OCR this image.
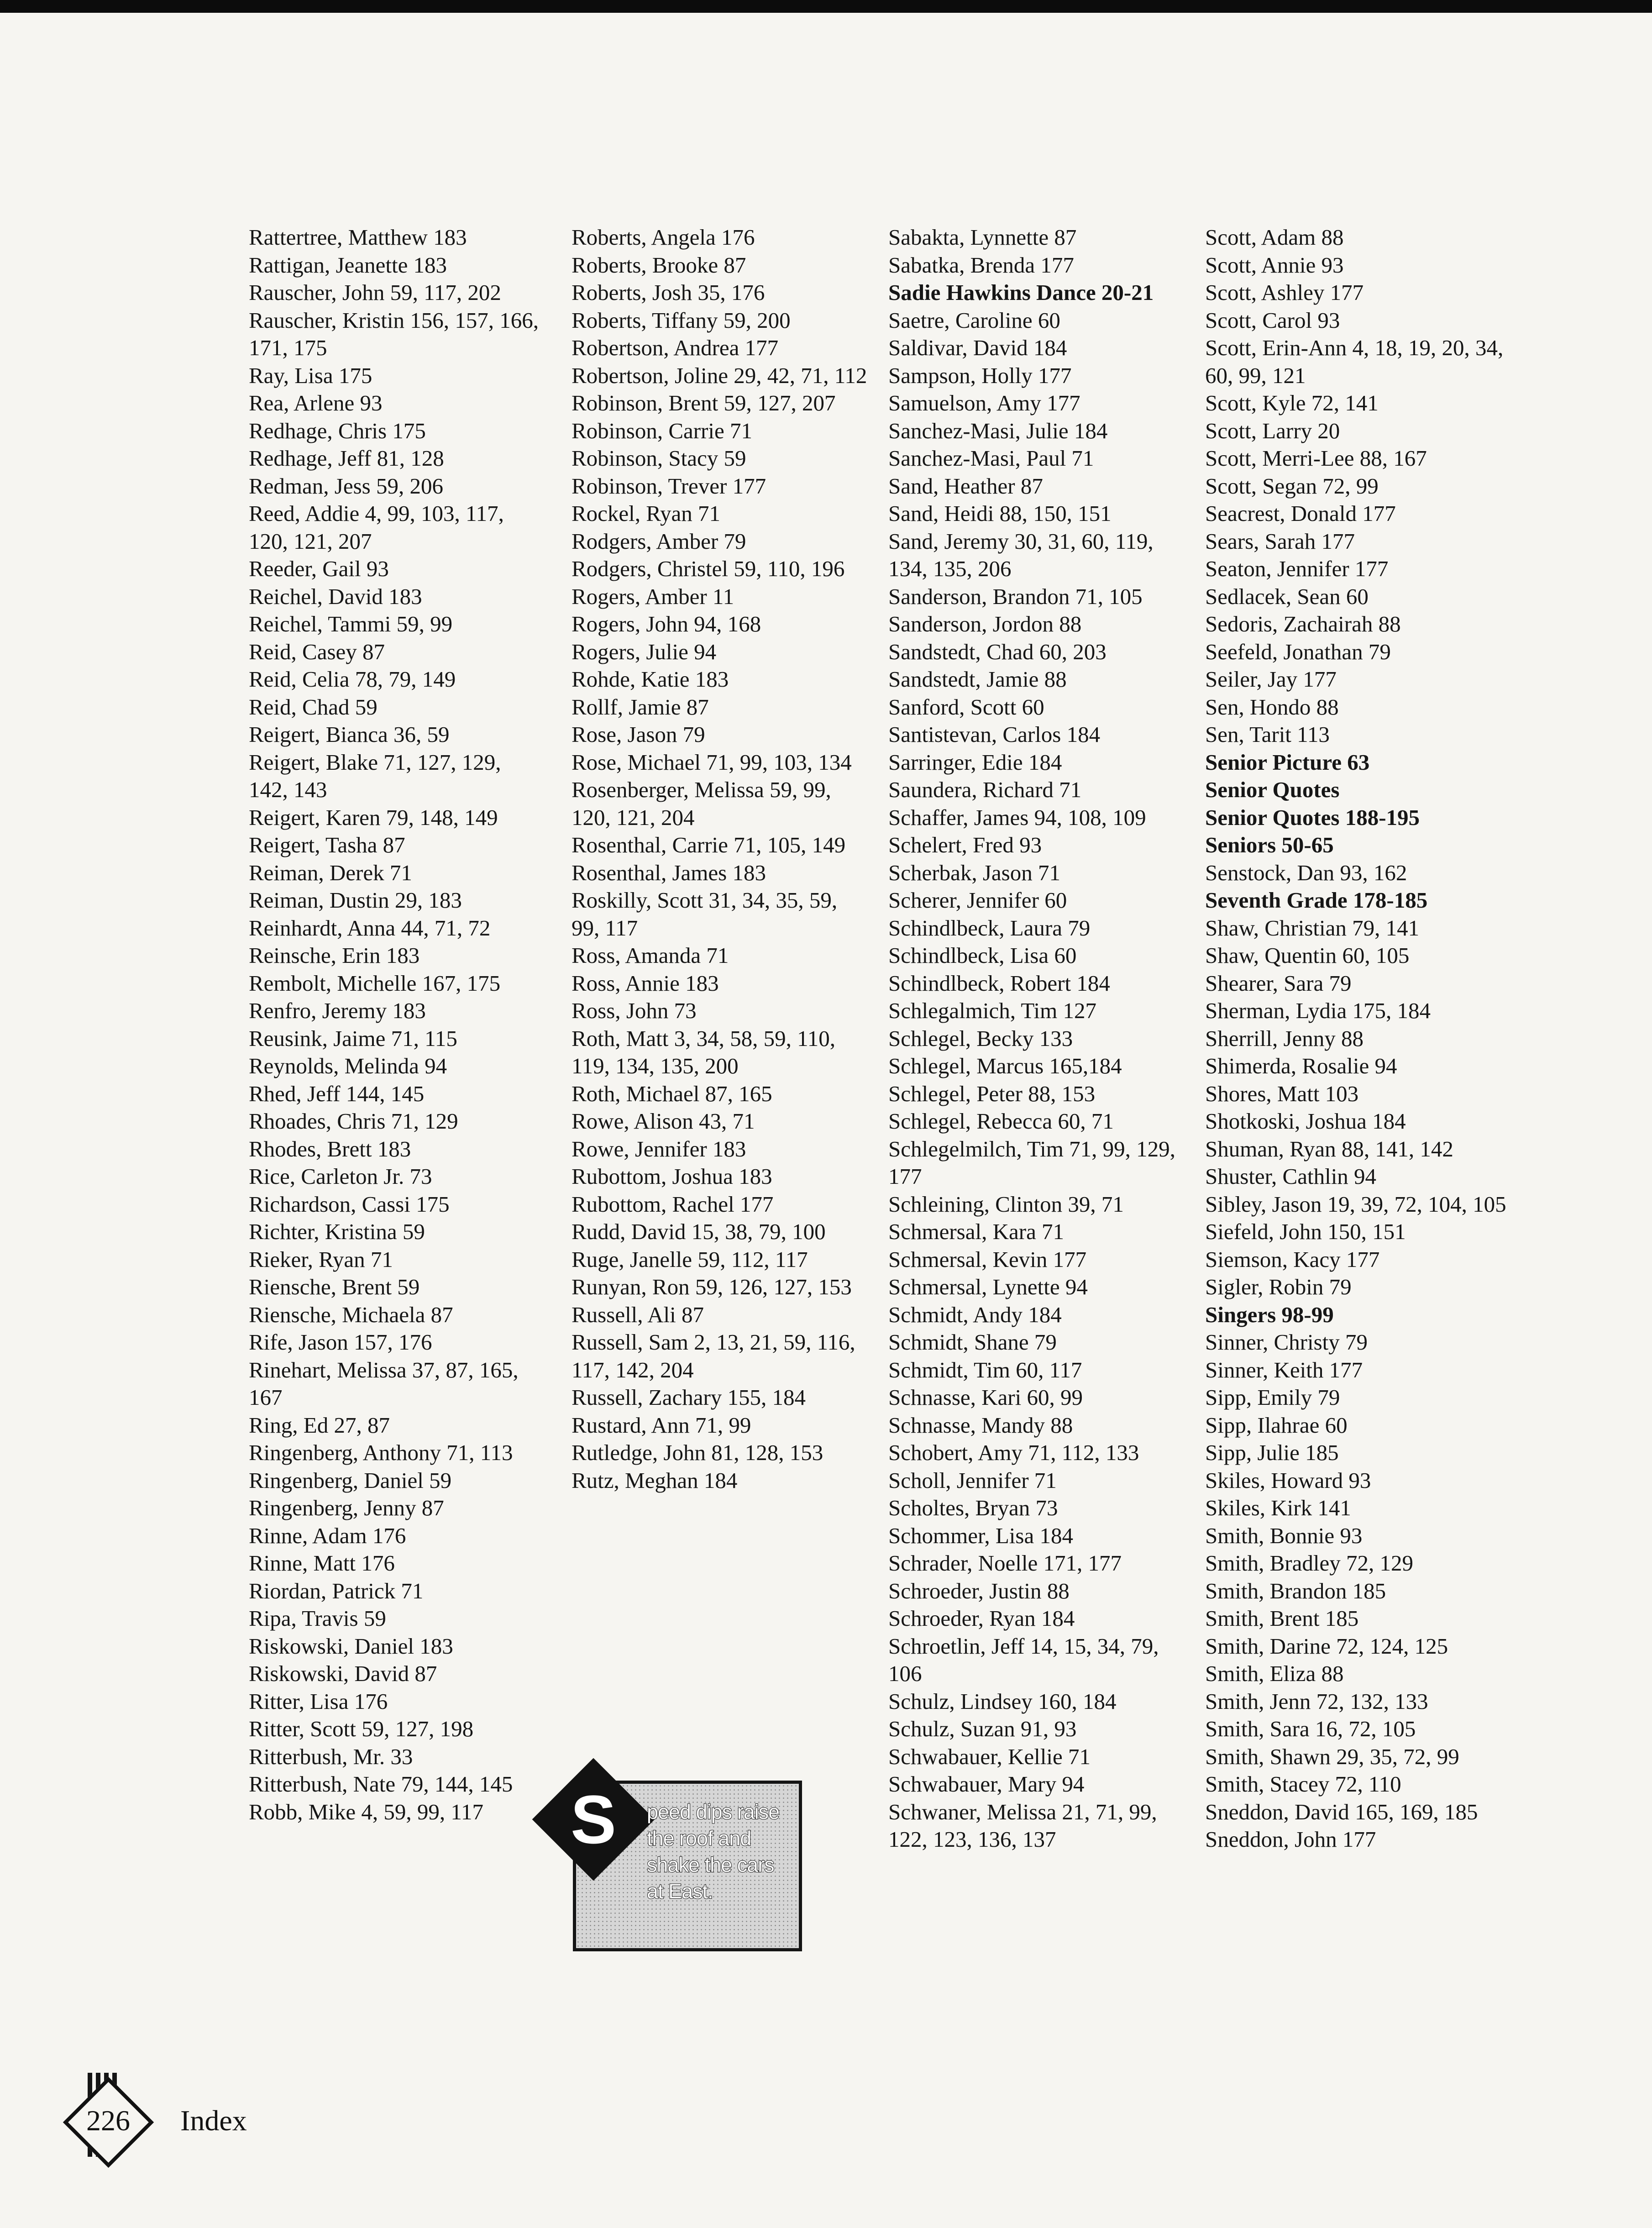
Rattertree, Matthew 183
Rattigan, Jeanette 183
Rauscher, John 59, 117, 202
Rauscher, Kristin 156, 157, 166, 171, 175
Ray, Lisa 175
Rea, Arlene 93
Redhage, Chris 175
Redhage, Jeff 81, 128
Redman, Jess 59, 206
Reed, Addie 4, 99, 103, 117, 120, 121, 207
Reeder, Gail 93
Reichel, David 183
Reichel, Tammi 59, 99
Reid, Casey 87
Reid, Celia 78, 79, 149
Reid, Chad 59
Reigert, Bianca 36, 59
Reigert, Blake 71, 127, 129, 142, 143
Reigert, Karen 79, 148, 149
Reigert, Tasha 87
Reiman, Derek 71
Reiman, Dustin 29, 183
Reinhardt, Anna 44, 71, 72
Reinsche, Erin 183
Rembolt, Michelle 167, 175
Renfro, Jeremy 183
Reusink, Jaime 71, 115
Reynolds, Melinda 94
Rhed, Jeff 144, 145
Rhoades, Chris 71, 129
Rhodes, Brett 183
Rice, Carleton Jr. 73
Richardson, Cassi 175
Richter, Kristina 59
Rieker, Ryan 71
Riensche, Brent 59
Riensche, Michaela 87
Rife, Jason 157, 176
Rinehart, Melissa 37, 87, 165, 167
Ring, Ed 27, 87
Ringenberg, Anthony 71, 113
Ringenberg, Daniel 59
Ringenberg, Jenny 87
Rinne, Adam 176
Rinne, Matt 176
Riordan, Patrick 71
Ripa, Travis 59
Riskowski, Daniel 183
Riskowski, David 87
Ritter, Lisa 176
Ritter, Scott 59, 127, 198
Ritterbush, Mr. 33
Ritterbush, Nate 79, 144, 145
Robb, Mike 4, 59, 99, 117
Roberts, Angela 176
Roberts, Brooke 87
Roberts, Josh 35, 176
Roberts, Tiffany 59, 200
Robertson, Andrea 177
Robertson, Joline 29, 42, 71, 112
Robinson, Brent 59, 127, 207
Robinson, Carrie 71
Robinson, Stacy 59
Robinson, Trever 177
Rockel, Ryan 71
Rodgers, Amber 79
Rodgers, Christel 59, 110, 196
Rogers, Amber 11
Rogers, John 94, 168
Rogers, Julie 94
Rohde, Katie 183
Rollf, Jamie 87
Rose, Jason 79
Rose, Michael 71, 99, 103, 134
Rosenberger, Melissa 59, 99, 120, 121, 204
Rosenthal, Carrie 71, 105, 149
Rosenthal, James 183
Roskilly, Scott 31, 34, 35, 59, 99, 117
Ross, Amanda 71
Ross, Annie 183
Ross, John 73
Roth, Matt 3, 34, 58, 59, 110, 119, 134, 135, 200
Roth, Michael 87, 165
Rowe, Alison 43, 71
Rowe, Jennifer 183
Rubottom, Joshua 183
Rubottom, Rachel 177
Rudd, David 15, 38, 79, 100
Ruge, Janelle 59, 112, 117
Runyan, Ron 59, 126, 127, 153
Russell, Ali 87
Russell, Sam 2, 13, 21, 59, 116, 117, 142, 204
Russell, Zachary 155, 184
Rustard, Ann 71, 99
Rutledge, John 81, 128, 153
Rutz, Meghan 184
Sabakta, Lynnette 87
Sabatka, Brenda 177
Sadie Hawkins Dance 20-21
Saetre, Caroline 60
Saldivar, David 184
Sampson, Holly 177
Samuelson, Amy 177
Sanchez-Masi, Julie 184
Sanchez-Masi, Paul 71
Sand, Heather 87
Sand, Heidi 88, 150, 151
Sand, Jeremy 30, 31, 60, 119, 134, 135, 206
Sanderson, Brandon 71, 105
Sanderson, Jordon 88
Sandstedt, Chad 60, 203
Sandstedt, Jamie 88
Sanford, Scott 60
Santistevan, Carlos 184
Sarringer, Edie 184
Saundera, Richard 71
Schaffer, James 94, 108, 109
Schelert, Fred 93
Scherbak, Jason 71
Scherer, Jennifer 60
Schindlbeck, Laura 79
Schindlbeck, Lisa 60
Schindlbeck, Robert 184
Schlegalmich, Tim 127
Schlegel, Becky 133
Schlegel, Marcus 165,184
Schlegel, Peter 88, 153
Schlegel, Rebecca 60, 71
Schlegelmilch, Tim 71, 99, 129, 177
Schleining, Clinton 39, 71
Schmersal, Kara 71
Schmersal, Kevin 177
Schmersal, Lynette 94
Schmidt, Andy 184
Schmidt, Shane 79
Schmidt, Tim 60, 117
Schnasse, Kari 60, 99
Schnasse, Mandy 88
Schobert, Amy 71, 112, 133
Scholl, Jennifer 71
Scholtes, Bryan 73
Schommer, Lisa 184
Schrader, Noelle 171, 177
Schroeder, Justin 88
Schroeder, Ryan 184
Schroetlin, Jeff 14, 15, 34, 79, 106
Schulz, Lindsey 160, 184
Schulz, Suzan 91, 93
Schwabauer, Kellie 71
Schwabauer, Mary 94
Schwaner, Melissa 21, 71, 99, 122, 123, 136, 137
Scott, Adam 88
Scott, Annie 93
Scott, Ashley 177
Scott, Carol 93
Scott, Erin-Ann 4, 18, 19, 20, 34, 60, 99, 121
Scott, Kyle 72, 141
Scott, Larry 20
Scott, Merri-Lee 88, 167
Scott, Segan 72, 99
Seacrest, Donald 177
Sears, Sarah 177
Seaton, Jennifer 177
Sedlacek, Sean 60
Sedoris, Zachairah 88
Seefeld, Jonathan 79
Seiler, Jay 177
Sen, Hondo 88
Sen, Tarit 113
Senior Picture 63
Senior Quotes
Senior Quotes 188-195
Seniors 50-65
Senstock, Dan 93, 162
Seventh Grade 178-185
Shaw, Christian 79, 141
Shaw, Quentin 60, 105
Shearer, Sara 79
Sherman, Lydia 175, 184
Sherrill, Jenny 88
Shimerda, Rosalie 94
Shores, Matt 103
Shotkoski, Joshua 184
Shuman, Ryan 88, 141, 142
Shuster, Cathlin 94
Sibley, Jason 19, 39, 72, 104, 105
Siefeld, John 150, 151
Siemson, Kacy 177
Sigler, Robin 79
Singers 98-99
Sinner, Christy 79
Sinner, Keith 177
Sipp, Emily 79
Sipp, Ilahrae 60
Sipp, Julie 185
Skiles, Howard 93
Skiles, Kirk 141
Smith, Bonnie 93
Smith, Bradley 72, 129
Smith, Brandon 185
Smith, Brent 185
Smith, Darine 72, 124, 125
Smith, Eliza 88
Smith, Jenn 72, 132, 133
Smith, Sara 16, 72, 105
Smith, Shawn 29, 35, 72, 99
Smith, Stacey 72, 110
Sneddon, David 165, 169, 185
Sneddon, John 177
S peed dips raise the roof and shake the cars at East.
226	Index
